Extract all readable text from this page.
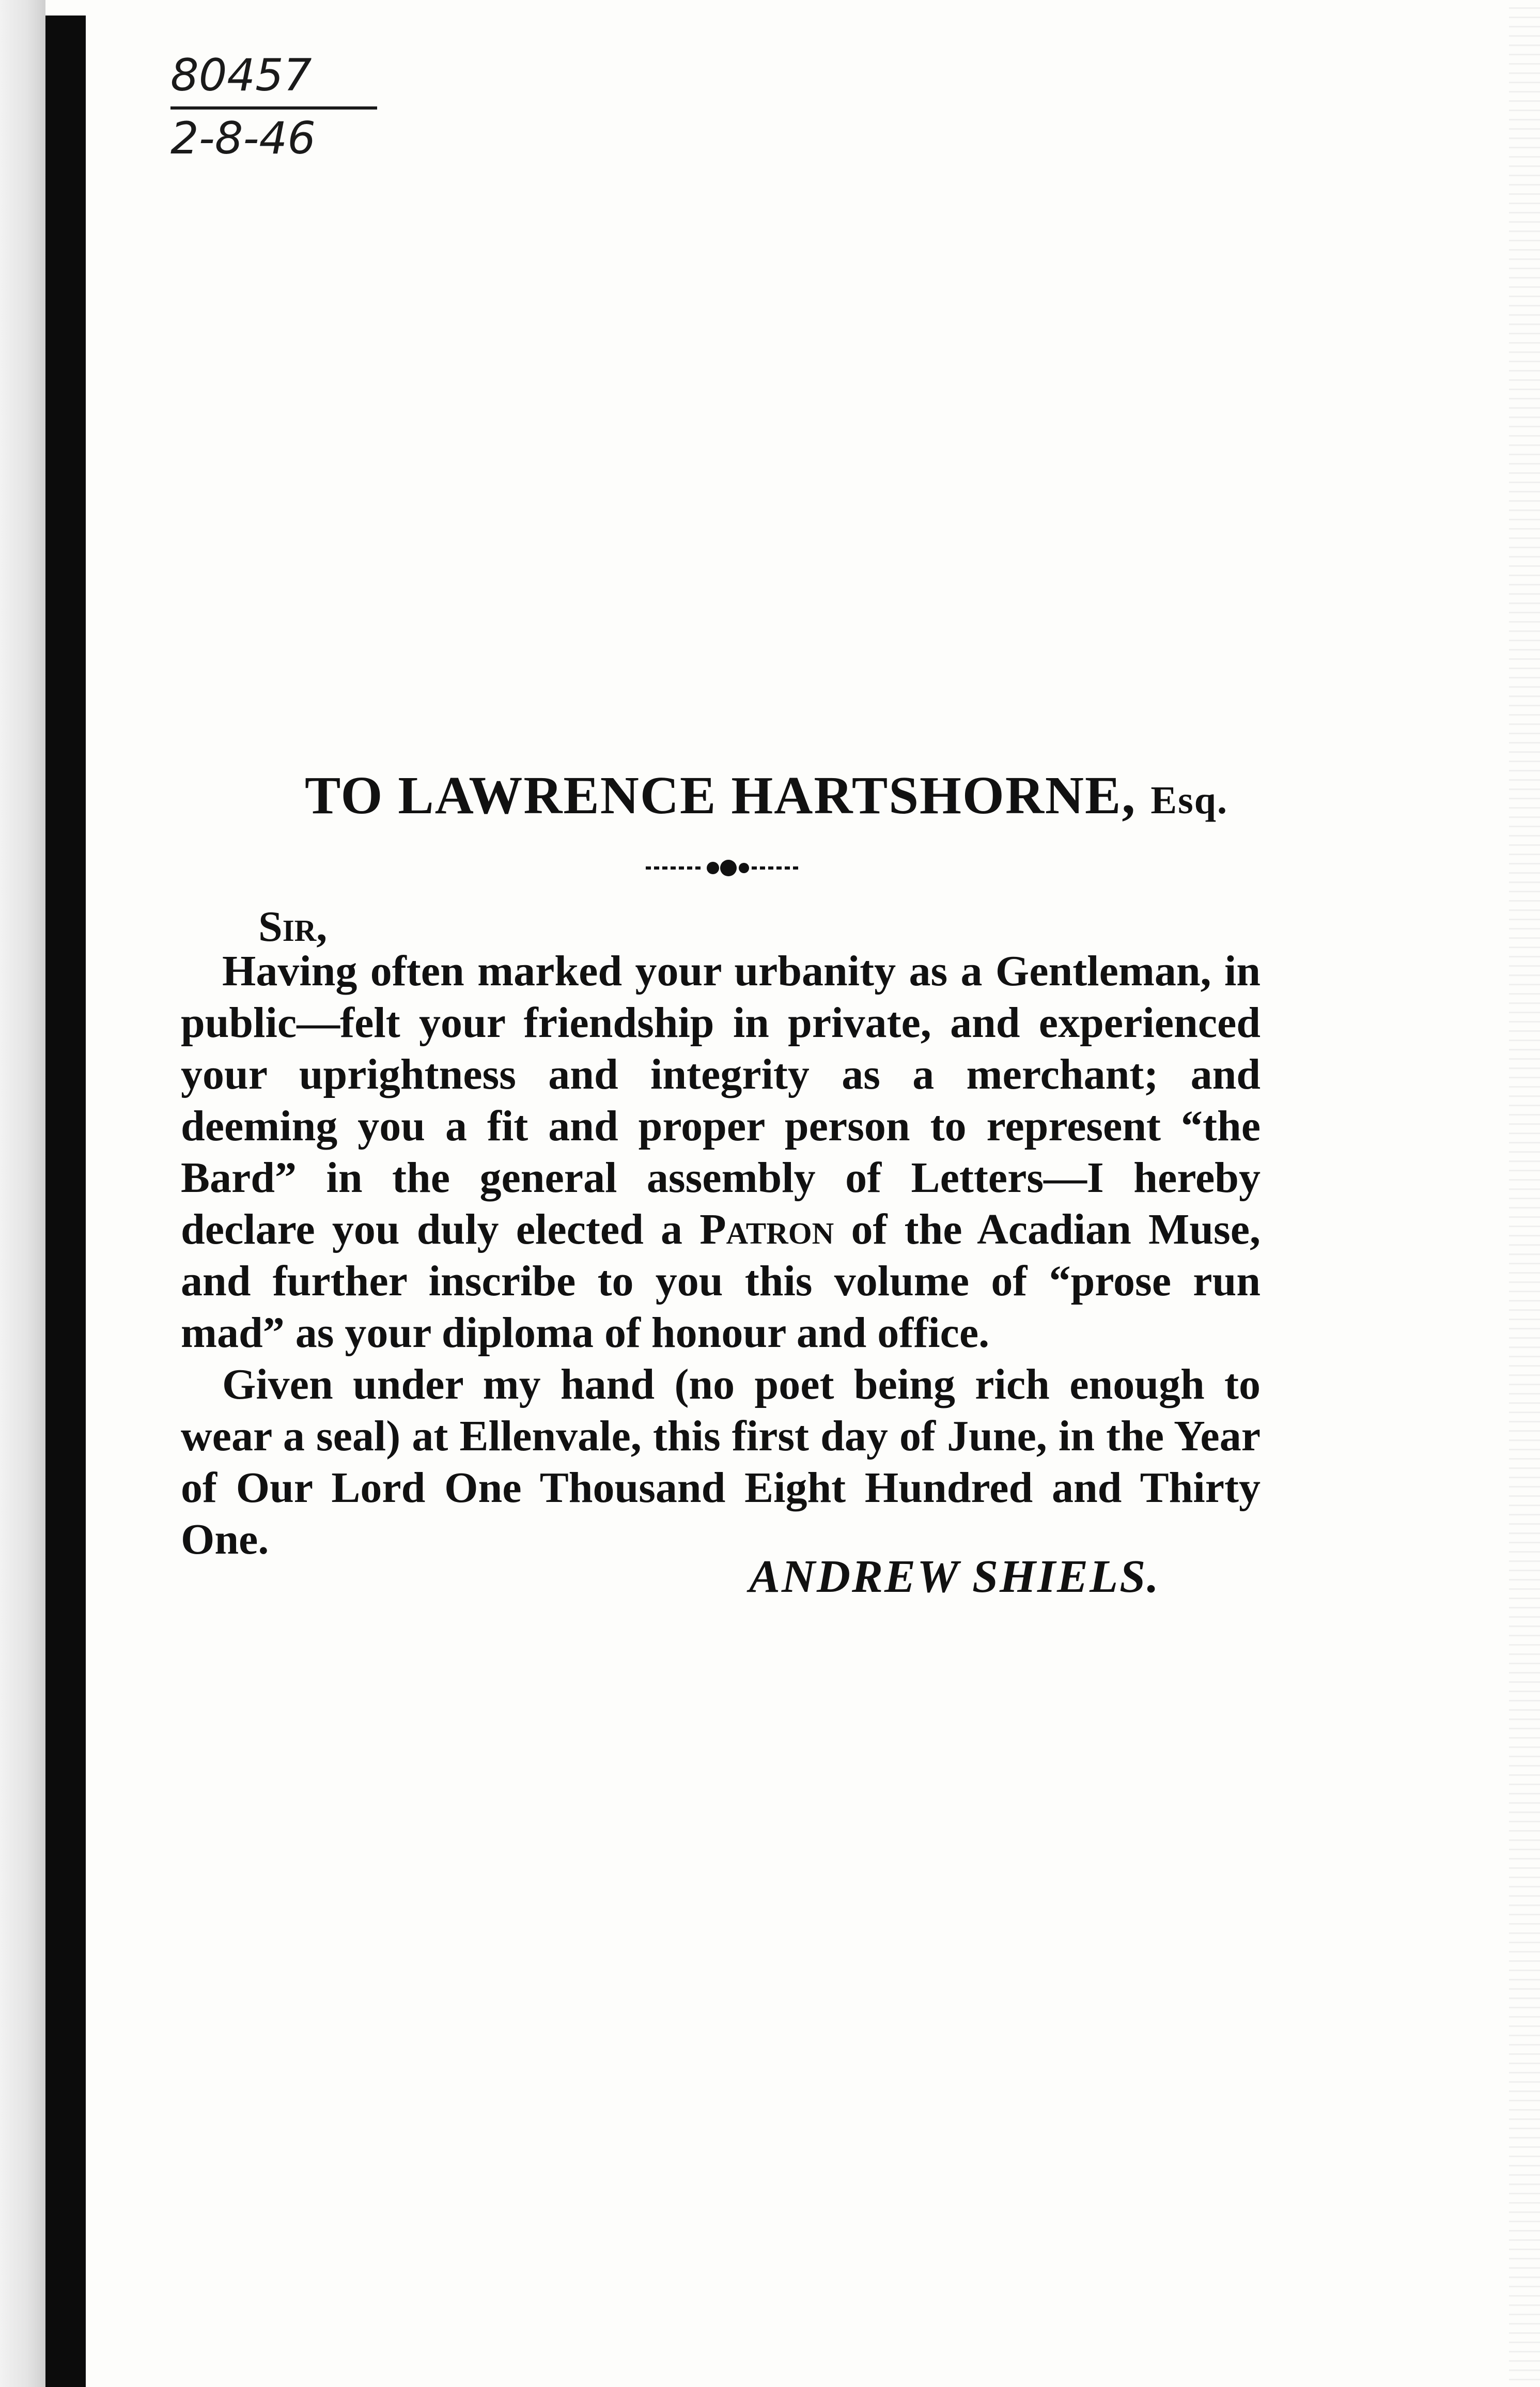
80457
2-8-46
TO LAWRENCE HARTSHORNE, Esq.
Sir,

Having often marked your urbanity as a Gentleman, in public—felt your friendship in private, and experienced your uprightness and integrity as a merchant; and deeming you a fit and proper person to represent “the Bard” in the general assembly of Letters—I hereby declare you duly elected a Patron of the Acadian Muse, and further inscribe to you this volume of “prose run mad” as your diploma of honour and office.

Given under my hand (no poet being rich enough to wear a seal) at Ellenvale, this first day of June, in the Year of Our Lord One Thousand Eight Hundred and Thirty One.

ANDREW SHIELS.
